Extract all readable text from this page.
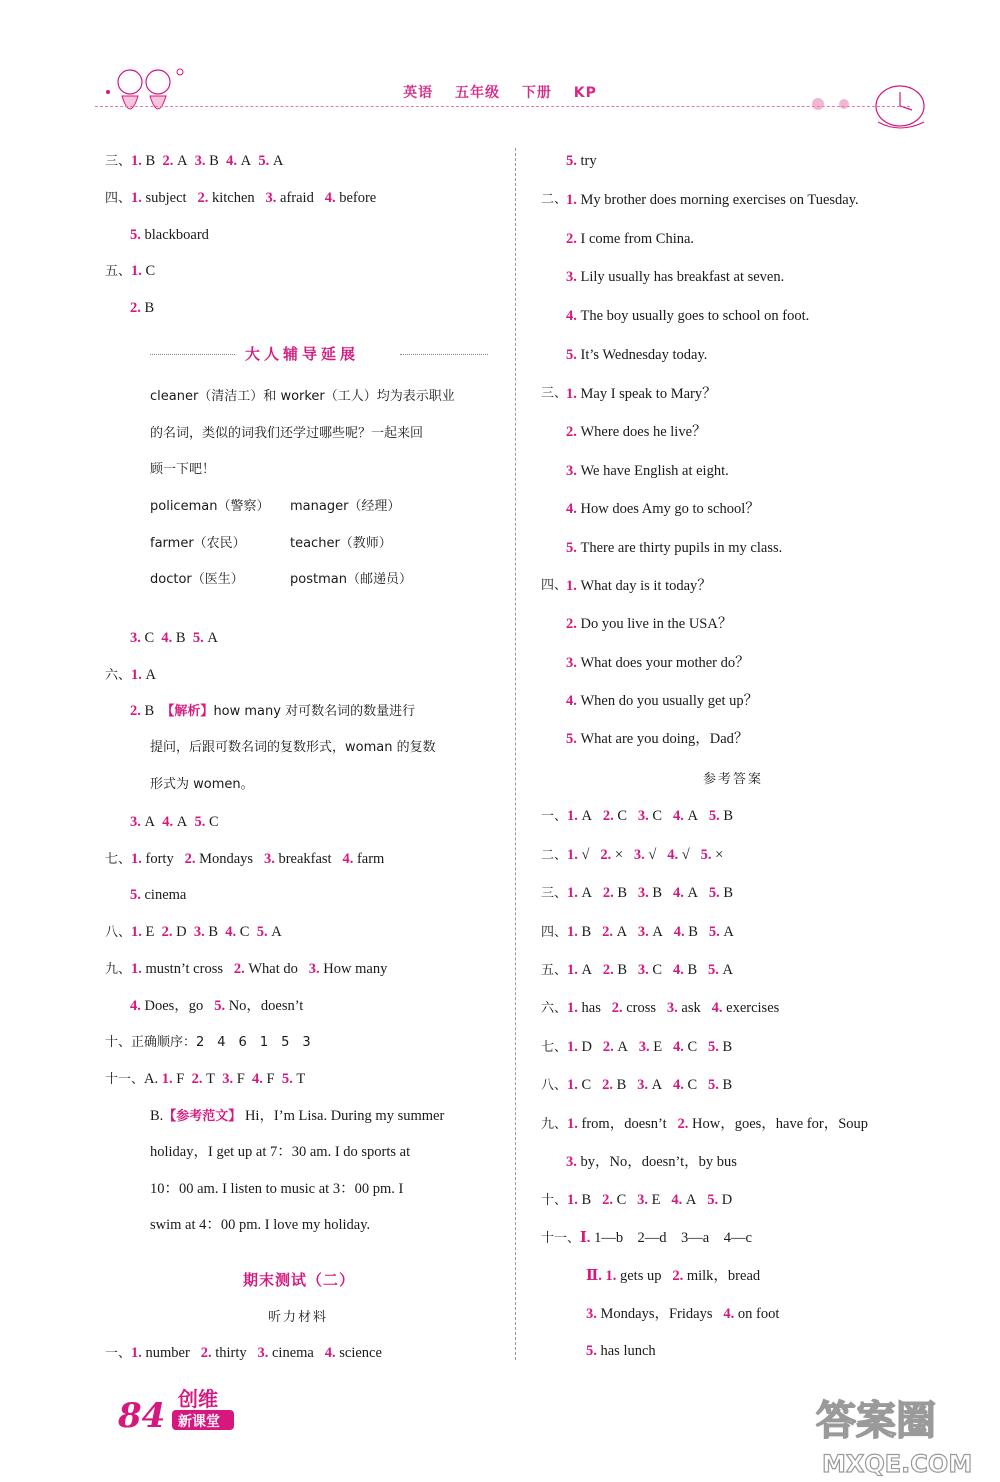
英语 五年级 下册 KP
三、1. B 2. A 3. B 4. A 5. A
四、1. subject 2. kitchen 3. afraid 4. before
5. blackboard
五、1. C
2. B
大人辅导延展
cleaner（清洁工）和 worker（工人）均为表示职业
的名词，类似的词我们还学过哪些呢？一起来回
顾一下吧！
policeman（警察） manager（经理）
farmer（农民）	teacher（教师）
doctor（医生）	postman（邮递员）
3. C 4. B 5. A
六、1. A
2. B 【解析】how many 对可数名词的数量进行
提问，后跟可数名词的复数形式，woman 的复数
形式为 women。
3. A 4. A 5. C
七、1. forty 2. Mondays 3. breakfast 4. farm
5. cinema
八、1. E 2. D 3. B 4. C 5. A
九、1. mustn’t cross 2. What do 3. How many
4. Does，go 5. No，doesn’t
十、正确顺序：2　4　6　1　5　3
十一、A. 1. F 2. T 3. F 4. F 5. T
B.【参考范文】 Hi，I’m Lisa. During my summer
holiday，I get up at 7：30 am. I do sports at
10：00 am. I listen to music at 3：00 pm. I
swim at 4：00 pm. I love my holiday.
期末测试（二）
听力材料
一、1. number 2. thirty 3. cinema 4. science
5. try
二、
1. My brother does morning exercises on Tuesday.
2. I come from China.
3. Lily usually has breakfast at seven.
4. The boy usually goes to school on foot.
5. It’s Wednesday today.
三、
1. May I speak to Mary？
2. Where does he live？
3. We have English at eight.
4. How does Amy go to school？
5. There are thirty pupils in my class.
四、
1. What day is it today？
2. Do you live in the USA？
3. What does your mother do？
4. When do you usually get up？
5. What are you doing，Dad？
参考答案
一、1. A 2. C 3. C 4. A 5. B
二、1. √ 2. × 3. √ 4. √ 5. ×
三、1. A 2. B 3. B 4. A 5. B
四、1. B 2. A 3. A 4. B 5. A
五、1. A 2. B 3. C 4. B 5. A
六、1. has 2. cross 3. ask 4. exercises
七、1. D 2. A 3. E 4. C 5. B
八、1. C 2. B 3. A 4. C 5. B
九、1. from，doesn’t 2. How，goes，have for，Soup
3. by，No，doesn’t，by bus
十、1. B 2. C 3. E 4. A 5. D
十一、Ⅰ. 1—b　2—d　3—a　4—c
Ⅱ. 1. gets up 2. milk，bread
3. Mondays，Fridays 4. on foot
5. has lunch
84 创维
新课堂	答案圈
MXQE.COM
